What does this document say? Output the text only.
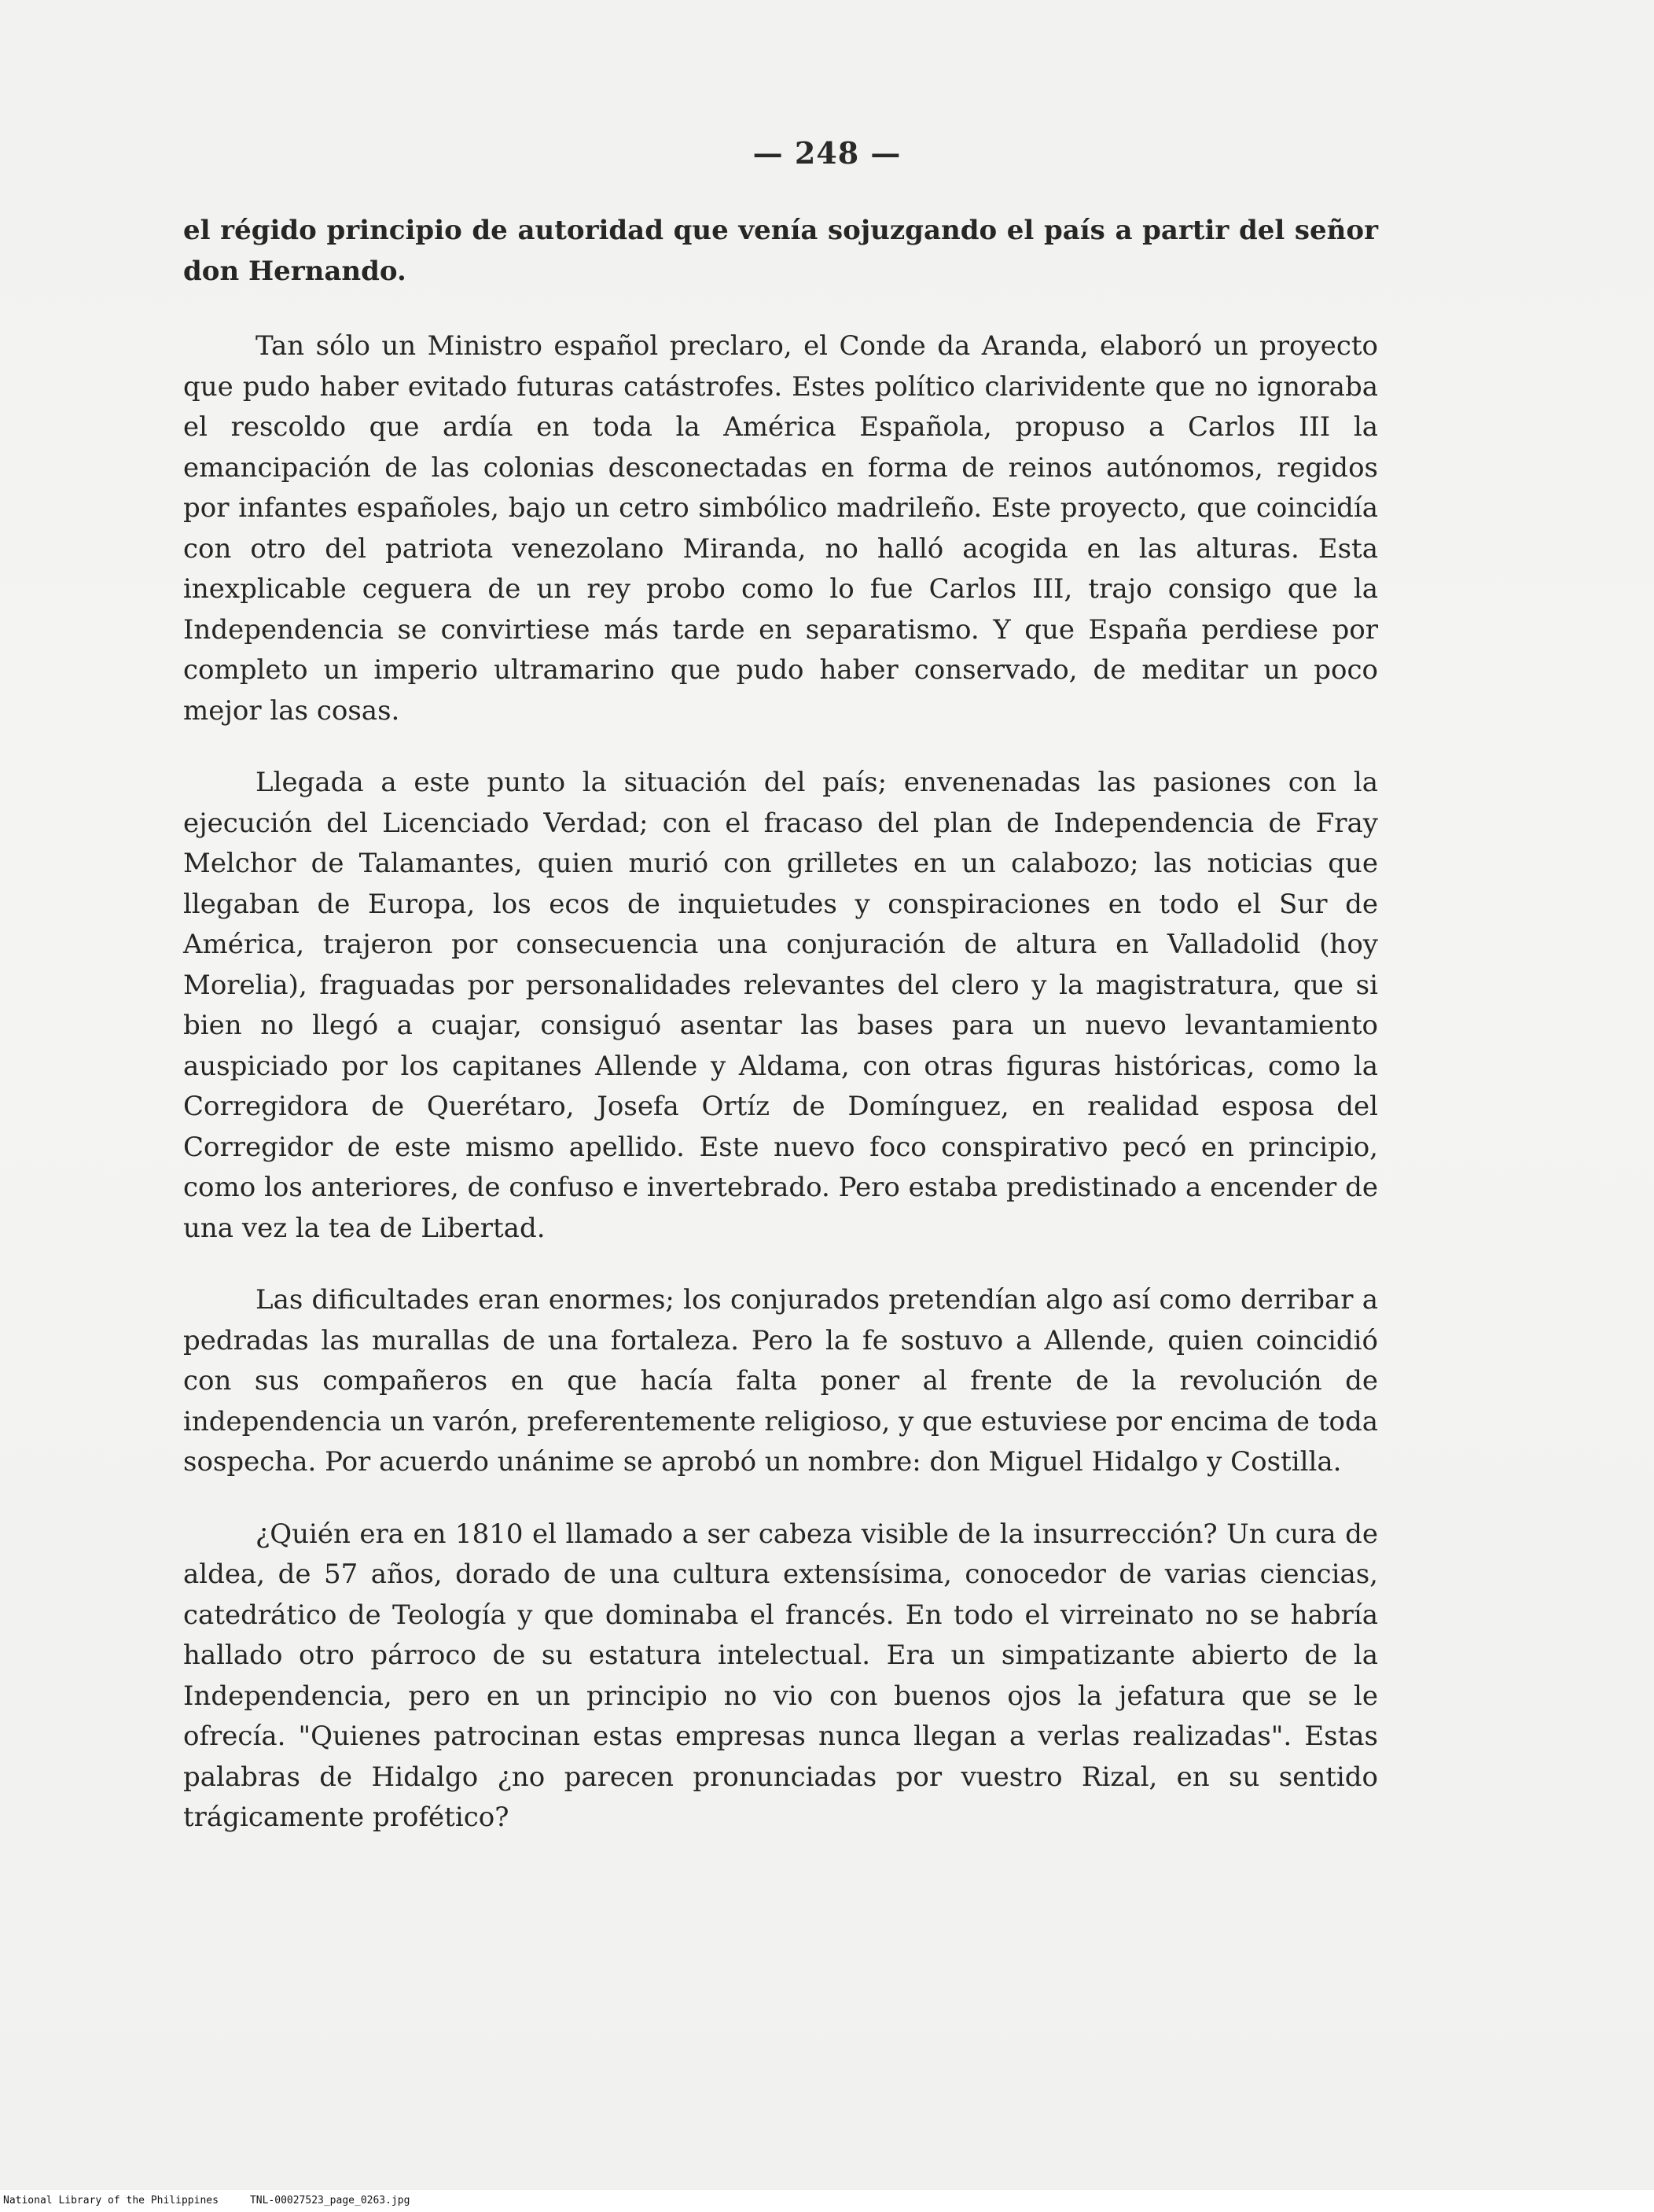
— 248 —

el régido principio de autoridad que venía sojuzgando el país a partir del señor don Hernando.

Tan sólo un Ministro español preclaro, el Conde da Aranda, elaboró un proyecto que pudo haber evitado futuras catástrofes. Estes político clarividente que no ignoraba el rescoldo que ardía en toda la América Española, propuso a Carlos III la emancipación de las colonias desconectadas en forma de reinos autónomos, regidos por infantes españoles, bajo un cetro simbólico madrileño. Este proyecto, que coincidía con otro del patriota venezolano Miranda, no halló acogida en las alturas. Esta inexplicable ceguera de un rey probo como lo fue Carlos III, trajo consigo que la Independencia se convirtiese más tarde en separatismo. Y que España perdiese por completo un imperio ultramarino que pudo haber conservado, de meditar un poco mejor las cosas.

Llegada a este punto la situación del país; envenenadas las pasiones con la ejecución del Licenciado Verdad; con el fracaso del plan de Independencia de Fray Melchor de Talamantes, quien murió con grilletes en un calabozo; las noticias que llegaban de Europa, los ecos de inquietudes y conspiraciones en todo el Sur de América, trajeron por consecuencia una conjuración de altura en Valladolid (hoy Morelia), fraguadas por personalidades relevantes del clero y la magistratura, que si bien no llegó a cuajar, consiguó asentar las bases para un nuevo levantamiento auspiciado por los capitanes Allende y Aldama, con otras figuras históricas, como la Corregidora de Querétaro, Josefa Ortíz de Domínguez, en realidad esposa del Corregidor de este mismo apellido. Este nuevo foco conspirativo pecó en principio, como los anteriores, de confuso e invertebrado. Pero estaba predistinado a encender de una vez la tea de Libertad.

Las dificultades eran enormes; los conjurados pretendían algo así como derribar a pedradas las murallas de una fortaleza. Pero la fe sostuvo a Allende, quien coincidió con sus compañeros en que hacía falta poner al frente de la revolución de independencia un varón, preferentemente religioso, y que estuviese por encima de toda sospecha. Por acuerdo unánime se aprobó un nombre: don Miguel Hidalgo y Costilla.

¿Quién era en 1810 el llamado a ser cabeza visible de la insurrección? Un cura de aldea, de 57 años, dorado de una cultura extensísima, conocedor de varias ciencias, catedrático de Teología y que dominaba el francés. En todo el virreinato no se habría hallado otro párroco de su estatura intelectual. Era un simpatizante abierto de la Independencia, pero en un principio no vio con buenos ojos la jefatura que se le ofrecía. "Quienes patrocinan estas empresas nunca llegan a verlas realizadas". Estas palabras de Hidalgo ¿no parecen pronunciadas por vuestro Rizal, en su sentido trágicamente profético?

National Library of the Philippines	TNL-00027523_page_0263.jpg
